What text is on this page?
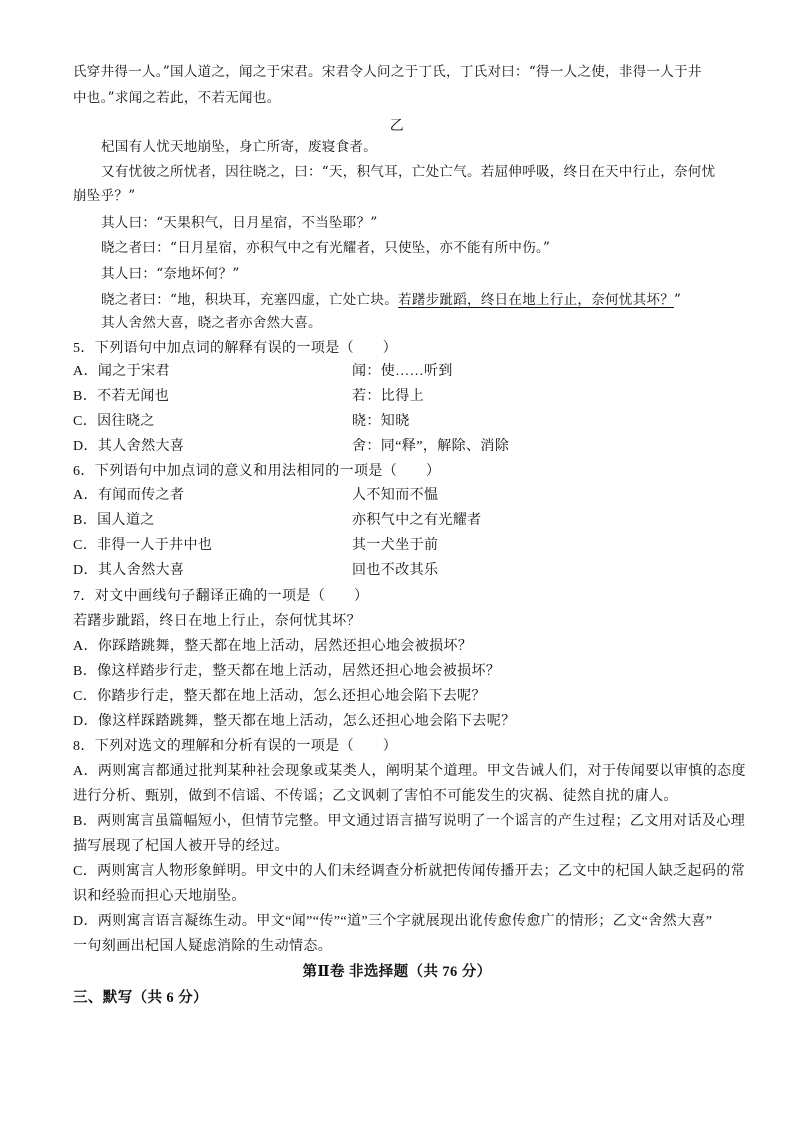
氏穿井得一人。”国人道之，闻之于宋君。宋君令人问之于丁氏，丁氏对曰：“得一人之使，非得一人于井
中也。”求闻之若此，不若无闻也。
乙
杞国有人忧天地崩坠，身亡所寄，废寝食者。
又有忧彼之所忧者，因往晓之，曰：“天，积气耳，亡处亡气。若屈伸呼吸，终日在天中行止，奈何忧
崩坠乎？”
其人曰：“天果积气，日月星宿，不当坠耶？”
晓之者曰：“日月星宿，亦积气中之有光耀者，只使坠，亦不能有所中伤。”
其人曰：“奈地坏何？”
晓之者曰：“地，积块耳，充塞四虚，亡处亡块。若躇步跐蹈，终日在地上行止，奈何忧其坏？”
其人舍然大喜，晓之者亦舍然大喜。
5．下列语句中加点词的解释有误的一项是（　　）
A．闻之于宋君	闻：使……听到
B．不若无闻也	若：比得上
C．因往晓之	晓：知晓
D．其人舍然大喜	舍：同“释”，解除、消除
6．下列语句中加点词的意义和用法相同的一项是（　　）
A．有闻而传之者	人不知而不愠
B．国人道之	亦积气中之有光耀者
C．非得一人于井中也	其一犬坐于前
D．其人舍然大喜	回也不改其乐
7．对文中画线句子翻译正确的一项是（　　）
若躇步跐蹈，终日在地上行止，奈何忧其坏？
A．你踩踏跳舞，整天都在地上活动，居然还担心地会被损坏？
B．像这样踏步行走，整天都在地上活动，居然还担心地会被损坏？
C．你踏步行走，整天都在地上活动，怎么还担心地会陷下去呢？
D．像这样踩踏跳舞，整天都在地上活动，怎么还担心地会陷下去呢？
8．下列对选文的理解和分析有误的一项是（　　）
A．两则寓言都通过批判某种社会现象或某类人，阐明某个道理。甲文告诫人们，对于传闻要以审慎的态度
进行分析、甄别，做到不信谣、不传谣；乙文讽刺了害怕不可能发生的灾祸、徒然自扰的庸人。
B．两则寓言虽篇幅短小，但情节完整。甲文通过语言描写说明了一个谣言的产生过程；乙文用对话及心理
描写展现了杞国人被开导的经过。
C．两则寓言人物形象鲜明。甲文中的人们未经调查分析就把传闻传播开去；乙文中的杞国人缺乏起码的常
识和经验而担心天地崩坠。
D．两则寓言语言凝练生动。甲文“闻”“传”“道”三个字就展现出讹传愈传愈广的情形；乙文“舍然大喜”
一句刻画出杞国人疑虑消除的生动情态。
第Ⅱ卷 非选择题（共 76 分）
三、默写（共 6 分）
